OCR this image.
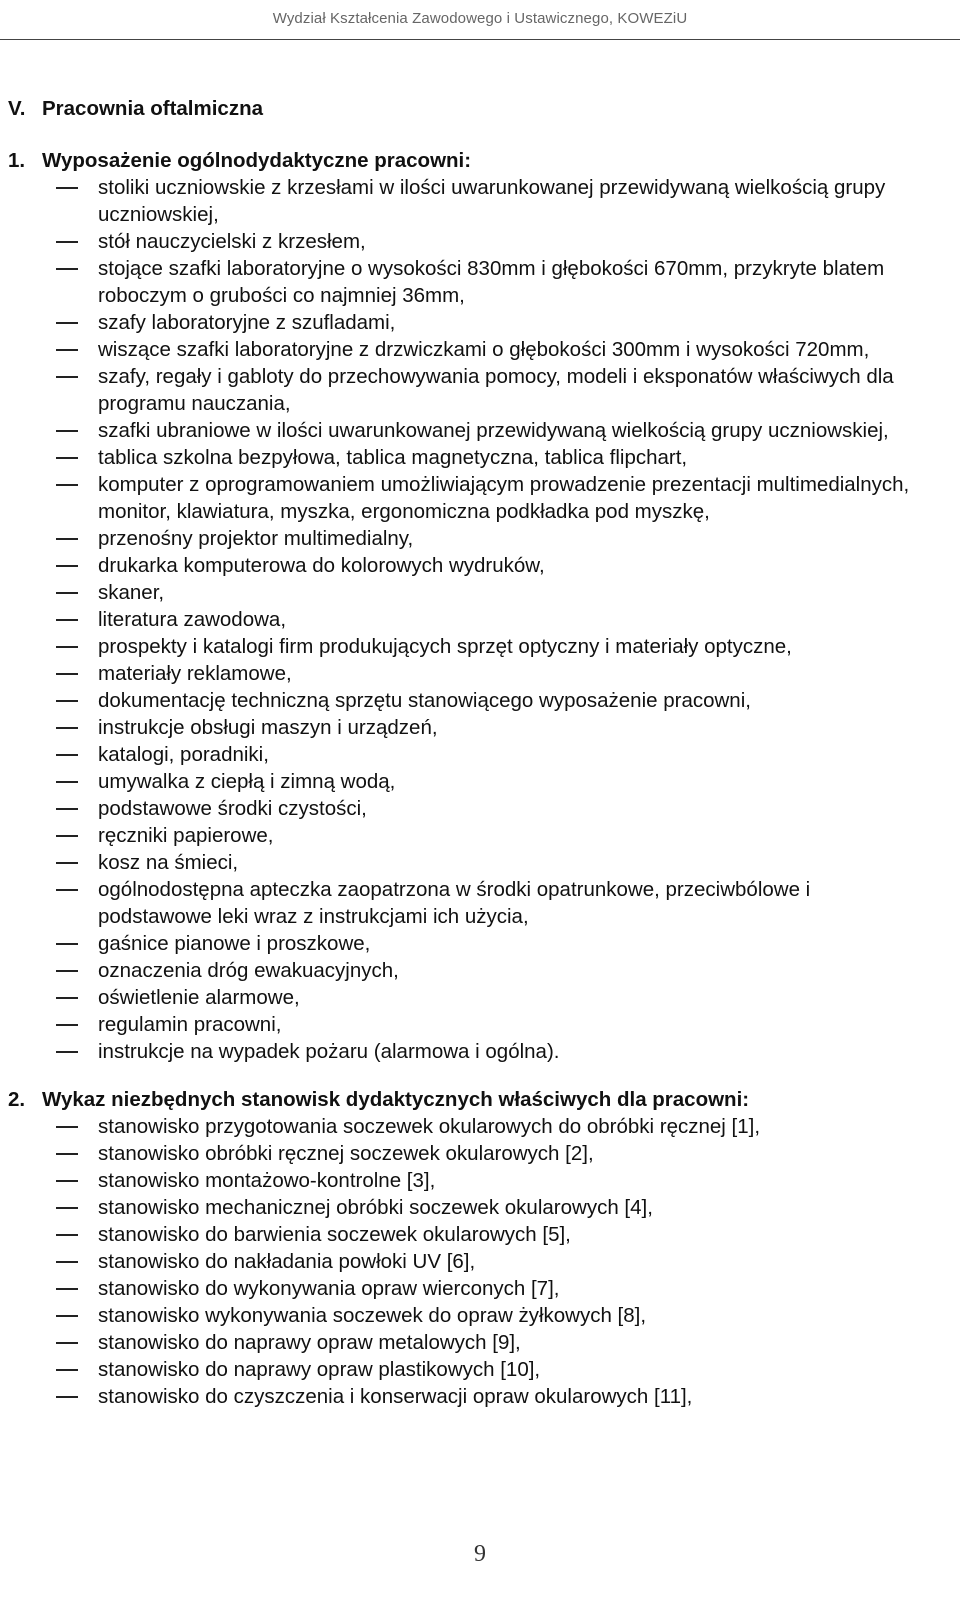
Wydział Kształcenia Zawodowego i Ustawicznego, KOWEZiU
V. Pracownia oftalmiczna
1. Wyposażenie ogólnodydaktyczne pracowni:
stoliki uczniowskie z krzesłami w ilości uwarunkowanej przewidywaną wielkością grupy uczniowskiej,
stół nauczycielski z krzesłem,
stojące szafki laboratoryjne o wysokości 830mm i głębokości 670mm, przykryte blatem roboczym o grubości co najmniej 36mm,
szafy laboratoryjne z szufladami,
wiszące szafki laboratoryjne z drzwiczkami o głębokości 300mm i wysokości 720mm,
szafy, regały i gabloty do przechowywania pomocy, modeli i eksponatów właściwych dla programu nauczania,
szafki ubraniowe w ilości uwarunkowanej przewidywaną wielkością grupy uczniowskiej,
tablica szkolna bezpyłowa, tablica magnetyczna, tablica flipchart,
komputer z oprogramowaniem umożliwiającym prowadzenie prezentacji multimedialnych, monitor, klawiatura, myszka, ergonomiczna podkładka pod myszkę,
przenośny projektor multimedialny,
drukarka komputerowa do kolorowych wydruków,
skaner,
literatura zawodowa,
prospekty i katalogi firm produkujących sprzęt optyczny i materiały optyczne,
materiały reklamowe,
dokumentację techniczną sprzętu stanowiącego wyposażenie pracowni,
instrukcje obsługi maszyn i urządzeń,
katalogi, poradniki,
umywalka z ciepłą i zimną wodą,
podstawowe środki czystości,
ręczniki papierowe,
kosz na śmieci,
ogólnodostępna apteczka zaopatrzona w środki opatrunkowe, przeciwbólowe i podstawowe leki wraz z instrukcjami ich użycia,
gaśnice pianowe i proszkowe,
oznaczenia dróg ewakuacyjnych,
oświetlenie alarmowe,
regulamin pracowni,
instrukcje na wypadek pożaru (alarmowa i ogólna).
2. Wykaz niezbędnych stanowisk dydaktycznych właściwych dla pracowni:
stanowisko przygotowania soczewek okularowych do obróbki ręcznej [1],
stanowisko obróbki ręcznej soczewek okularowych [2],
stanowisko montażowo-kontrolne [3],
stanowisko mechanicznej obróbki soczewek okularowych [4],
stanowisko do barwienia soczewek okularowych [5],
stanowisko do nakładania powłoki UV [6],
stanowisko do wykonywania opraw wierconych [7],
stanowisko wykonywania soczewek do opraw żyłkowych [8],
stanowisko do naprawy opraw metalowych [9],
stanowisko do naprawy opraw plastikowych [10],
stanowisko do czyszczenia i konserwacji opraw okularowych [11],
9
